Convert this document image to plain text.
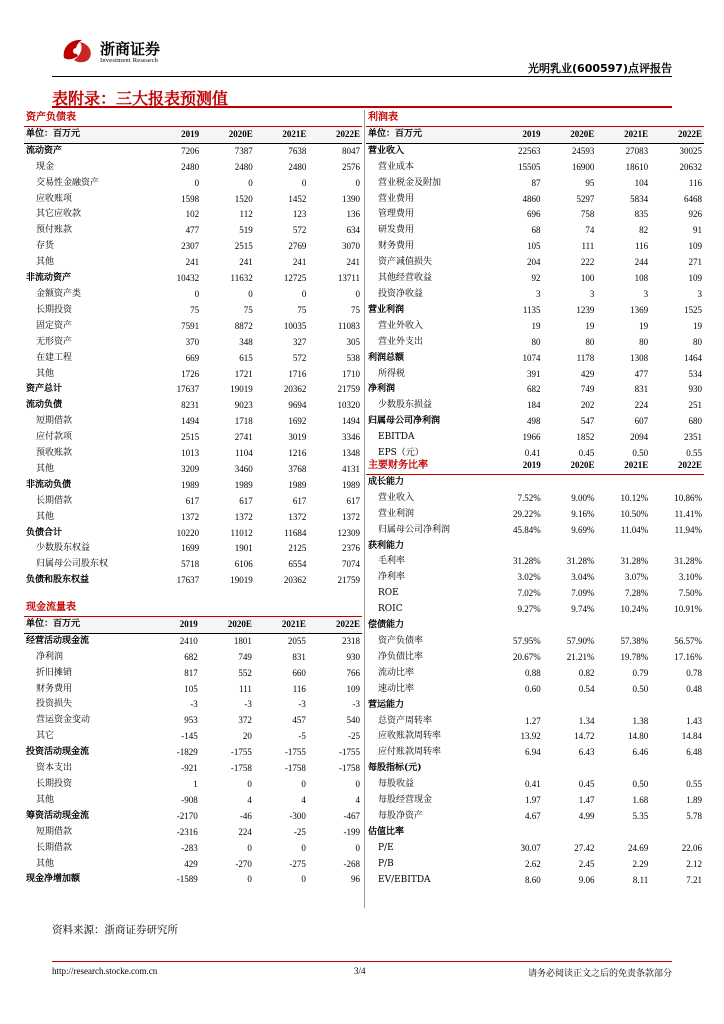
浙商证券
Investment Research
光明乳业(600597)点评报告
表附录：三大报表预测值
资产负债表				
单位：百万元	2019	2020E	2021E	2022E
流动资产	7206	7387	7638	8047
现金	2480	2480	2480	2576
交易性金融资产	0	0	0	0
应收账项	1598	1520	1452	1390
其它应收款	102	112	123	136
预付账款	477	519	572	634
存货	2307	2515	2769	3070
其他	241	241	241	241
非流动资产	10432	11632	12725	13711
金额资产类	0	0	0	0
长期投资	75	75	75	75
固定资产	7591	8872	10035	11083
无形资产	370	348	327	305
在建工程	669	615	572	538
其他	1726	1721	1716	1710
资产总计	17637	19019	20362	21759
流动负债	8231	9023	9694	10320
短期借款	1494	1718	1692	1494
应付款项	2515	2741	3019	3346
预收账款	1013	1104	1216	1348
其他	3209	3460	3768	4131
非流动负债	1989	1989	1989	1989
长期借款	617	617	617	617
其他	1372	1372	1372	1372
负债合计	10220	11012	11684	12309
少数股东权益	1699	1901	2125	2376
归属母公司股东权	5718	6106	6554	7074
负债和股东权益	17637	19019	20362	21759
现金流量表				
单位：百万元	2019	2020E	2021E	2022E
经营活动现金流	2410	1801	2055	2318
净利润	682	749	831	930
折旧摊销	817	552	660	766
财务费用	105	111	116	109
投资损失	-3	-3	-3	-3
营运资金变动	953	372	457	540
其它	-145	20	-5	-25
投资活动现金流	-1829	-1755	-1755	-1755
资本支出	-921	-1758	-1758	-1758
长期投资	1	0	0	0
其他	-908	4	4	4
筹资活动现金流	-2170	-46	-300	-467
短期借款	-2316	224	-25	-199
长期借款	-283	0	0	0
其他	429	-270	-275	-268
现金净增加额	-1589	0	0	96
利润表				
单位：百万元	2019	2020E	2021E	2022E
营业收入	22563	24593	27083	30025
营业成本	15505	16900	18610	20632
营业税金及附加	87	95	104	116
营业费用	4860	5297	5834	6468
管理费用	696	758	835	926
研发费用	68	74	82	91
财务费用	105	111	116	109
资产减值损失	204	222	244	271
其他经营收益	92	100	108	109
投资净收益	3	3	3	3
营业利润	1135	1239	1369	1525
营业外收入	19	19	19	19
营业外支出	80	80	80	80
利润总额	1074	1178	1308	1464
所得税	391	429	477	534
净利润	682	749	831	930
少数股东损益	184	202	224	251
归属母公司净利润	498	547	607	680
EBITDA	1966	1852	2094	2351
EPS（元）	0.41	0.45	0.50	0.55
主要财务比率	2019	2020E	2021E	2022E
成长能力				
营业收入	7.52%	9.00%	10.12%	10.86%
营业利润	29.22%	9.16%	10.50%	11.41%
归属母公司净利润	45.84%	9.69%	11.04%	11.94%
获利能力				
毛利率	31.28%	31.28%	31.28%	31.28%
净利率	3.02%	3.04%	3.07%	3.10%
ROE	7.02%	7.09%	7.28%	7.50%
ROIC	9.27%	9.74%	10.24%	10.91%
偿债能力				
资产负债率	57.95%	57.90%	57.38%	56.57%
净负债比率	20.67%	21.21%	19.78%	17.16%
流动比率	0.88	0.82	0.79	0.78
速动比率	0.60	0.54	0.50	0.48
营运能力				
总资产周转率	1.27	1.34	1.38	1.43
应收账款周转率	13.92	14.72	14.80	14.84
应付账款周转率	6.94	6.43	6.46	6.48
每股指标(元)				
每股收益	0.41	0.45	0.50	0.55
每股经营现金	1.97	1.47	1.68	1.89
每股净资产	4.67	4.99	5.35	5.78
估值比率				
P/E	30.07	27.42	24.69	22.06
P/B	2.62	2.45	2.29	2.12
EV/EBITDA	8.60	9.06	8.11	7.21
资料来源：浙商证券研究所
http://research.stocke.com.cn	3/4	请务必阅读正文之后的免责条款部分
